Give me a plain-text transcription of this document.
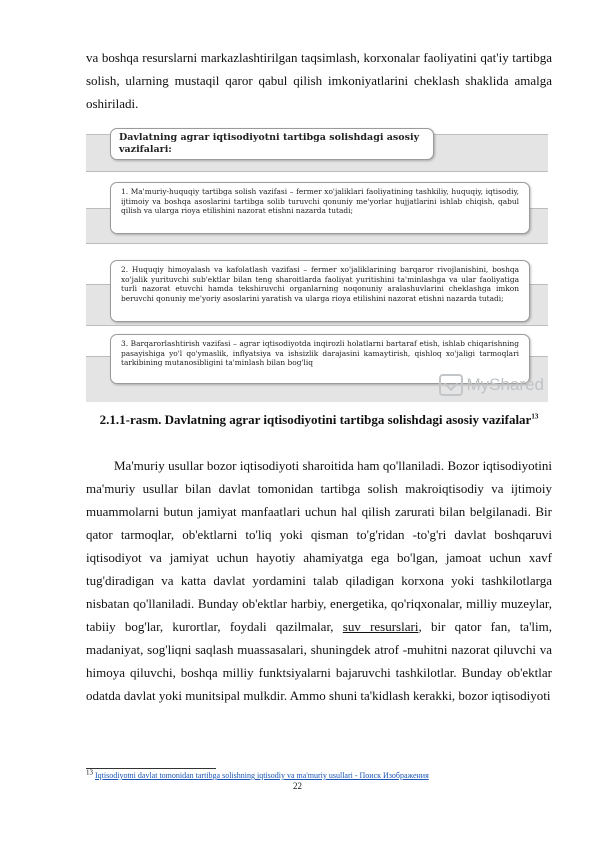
va boshqa resurslarni markazlashtirilgan taqsimlash, korxonalar faoliyatini qat'iy tartibga solish, ularning mustaqil qaror qabul qilish imkoniyatlarini cheklash shaklida amalga oshiriladi.

Davlatning agrar iqtisodiyotni tartibga solishdagi asosiy vazifalari:
1. Ma'muriy-huquqiy tartibga solish vazifasi – fermer xo'jaliklari faoliyatining tashkiliy, huquqiy, iqtisodiy, ijtimoiy va boshqa asoslarini tartibga solib turuvchi qonuniy me'yorlar hujjatlarini ishlab chiqish, qabul qilish va ularga rioya etilishini nazorat etishni nazarda tutadi;
2. Huquqiy himoyalash va kafolatlash vazifasi – fermer xo'jaliklarining barqaror rivojlanishini, boshqa xo'jalik yurituvchi sub'ektlar bilan teng sharoitlarda faoliyat yuritishini ta'minlashga va ular faoliyatiga turli nazorat etuvchi hamda tekshiruvchi organlarning noqonuniy aralashuvlarini cheklashga imkon beruvchi qonuniy me'yoriy asoslarini yaratish va ularga rioya etilishini nazorat etishni nazarda tutadi;
3. Barqarorlashtirish vazifasi – agrar iqtisodiyotda inqirozli holatlarni bartaraf etish, ishlab chiqarishning pasayishiga yo'l qo'ymaslik, inflyatsiya va ishsizlik darajasini kamaytirish, qishloq xo'jaligi tarmoqlari tarkibining mutanosibligini ta'minlash bilan bog'liq
MyShared

2.1.1-rasm. Davlatning agrar iqtisodiyotini tartibga solishdagi asosiy vazifalar$^{13}$

Ma'muriy usullar bozor iqtisodiyoti sharoitida ham qo'llaniladi. Bozor iqtisodiyotini ma'muriy usullar bilan davlat tomonidan tartibga solish makroiqtisodiy va ijtimoiy muammolarni butun jamiyat manfaatlari uchun hal qilish zarurati bilan belgilanadi. Bir qator tarmoqlar, ob'ektlarni to'liq yoki qisman to'g'ridan -to'g'ri davlat boshqaruvi iqtisodiyot va jamiyat uchun hayotiy ahamiyatga ega bo'lgan, jamoat uchun xavf tug'diradigan va katta davlat yordamini talab qiladigan korxona yoki tashkilotlarga nisbatan qo'llaniladi. Bunday ob'ektlar harbiy, energetika, qo'riqxonalar, milliy muzeylar, tabiiy bog'lar, kurortlar, foydali qazilmalar, suv resurslari, bir qator fan, ta'lim, madaniyat, sog'liqni saqlash muassasalari, shuningdek atrof -muhitni nazorat qiluvchi va himoya qiluvchi, boshqa milliy funktsiyalarni bajaruvchi tashkilotlar. Bunday ob'ektlar odatda davlat yoki munitsipal mulkdir. Ammo shuni ta'kidlash kerakki, bozor iqtisodiyoti

13 Iqtisodiyotni davlat tomonidan tartibga solishning iqtisodiy va ma'muriy usullari - Поиск Изображения
22
